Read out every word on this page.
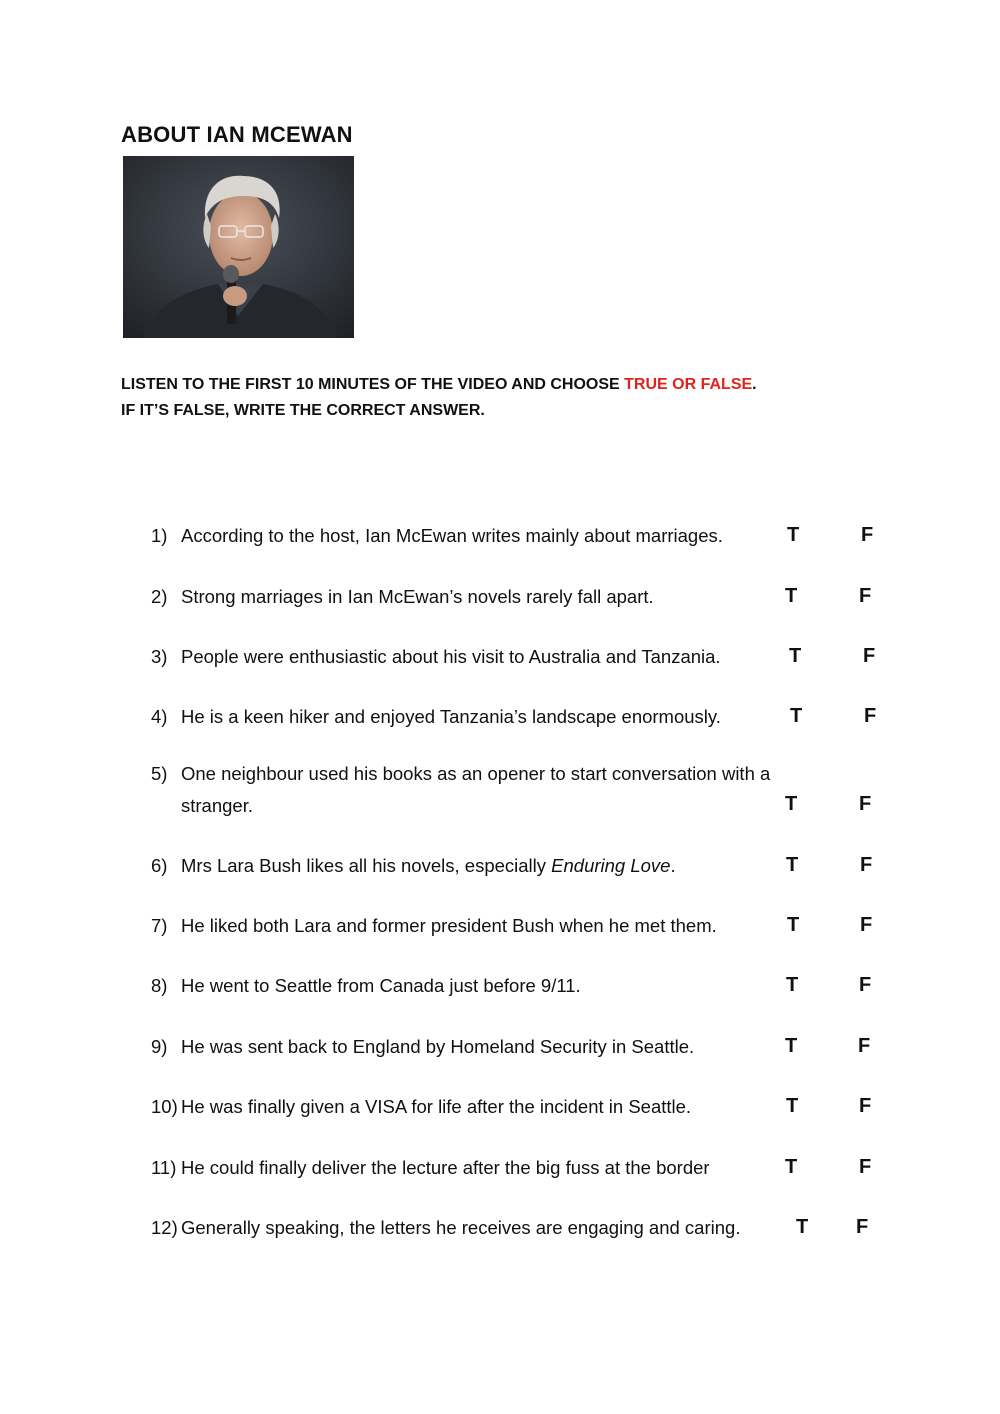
ABOUT IAN MCEWAN
LISTEN TO THE FIRST 10 MINUTES OF THE VIDEO AND CHOOSE TRUE OR FALSE.
IF IT’S FALSE, WRITE THE CORRECT ANSWER.
1) According to the host, Ian McEwan writes mainly about marriages.	T	F
2) Strong marriages in Ian McEwan’s novels rarely fall apart.	T	F
3) People were enthusiastic about his visit to Australia and Tanzania.	T	F
4) He is a keen hiker and enjoyed Tanzania’s landscape enormously.	T	F
5) One neighbour used his books as an opener to start conversation with a
stranger.	T	F
6) Mrs Lara Bush likes all his novels, especially Enduring Love.	T	F
7) He liked both Lara and former president Bush when he met them.	T	F
8) He went to Seattle from Canada just before 9/11.	T	F
9) He was sent back to England by Homeland Security in Seattle.	T	F
10) He was finally given a VISA for life after the incident in Seattle.	T	F
11) He could finally deliver the lecture after the big fuss at the border	T	F
12) Generally speaking, the letters he receives are engaging and caring.	T F
